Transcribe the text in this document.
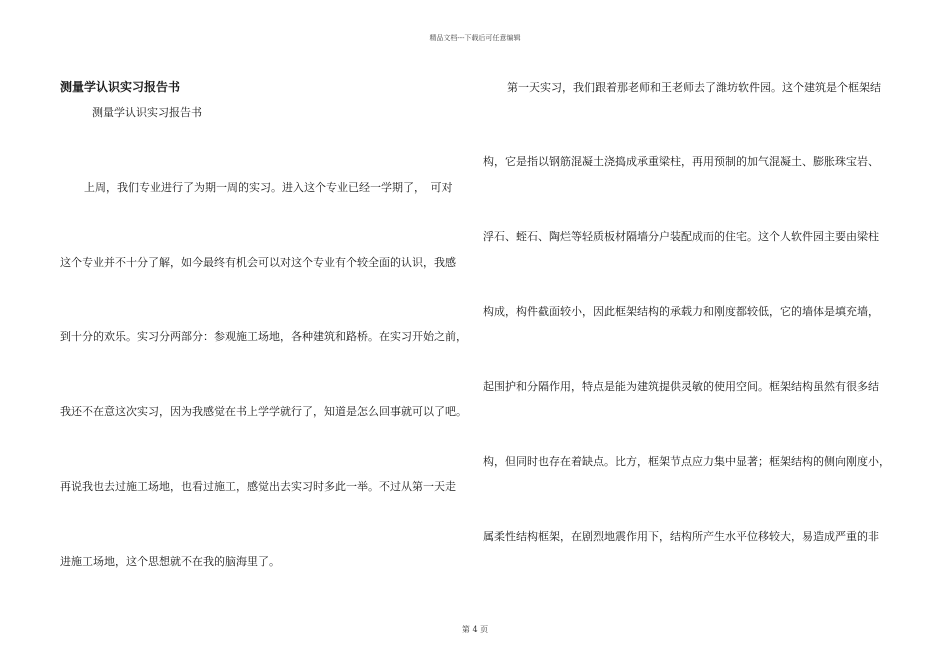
精品文档---下载后可任意编辑
测量学认识实习报告书

测量学认识实习报告书

上周，我们专业进行了为期一周的实习。进入这个专业已经一学期了，　可对

这个专业并不十分了解，如今最终有机会可以对这个专业有个较全面的认识，我感

到十分的欢乐。实习分两部分：参观施工场地，各种建筑和路桥。在实习开始之前，

我还不在意这次实习，因为我感觉在书上学学就行了，知道是怎么回事就可以了吧。

再说我也去过施工场地，也看过施工，感觉出去实习时多此一举。不过从第一天走

进施工场地，这个思想就不在我的脑海里了。

第一天实习，我们跟着那老师和王老师去了潍坊软件园。这个建筑是个框架结

构，它是指以钢筋混凝土浇捣成承重梁柱，再用预制的加气混凝土、膨胀珠宝岩、

浮石、蛭石、陶烂等轻质板材隔墙分户装配成而的住宅。这个人软件园主要由梁柱

构成，构件截面较小，因此框架结构的承载力和刚度都较低，它的墙体是填充墙，

起围护和分隔作用，特点是能为建筑提供灵敏的使用空间。框架结构虽然有很多结

构，但同时也存在着缺点。比方，框架节点应力集中显著；框架结构的侧向刚度小，

属柔性结构框架，在剧烈地震作用下，结构所产生水平位移较大，易造成严重的非

第 4 页
